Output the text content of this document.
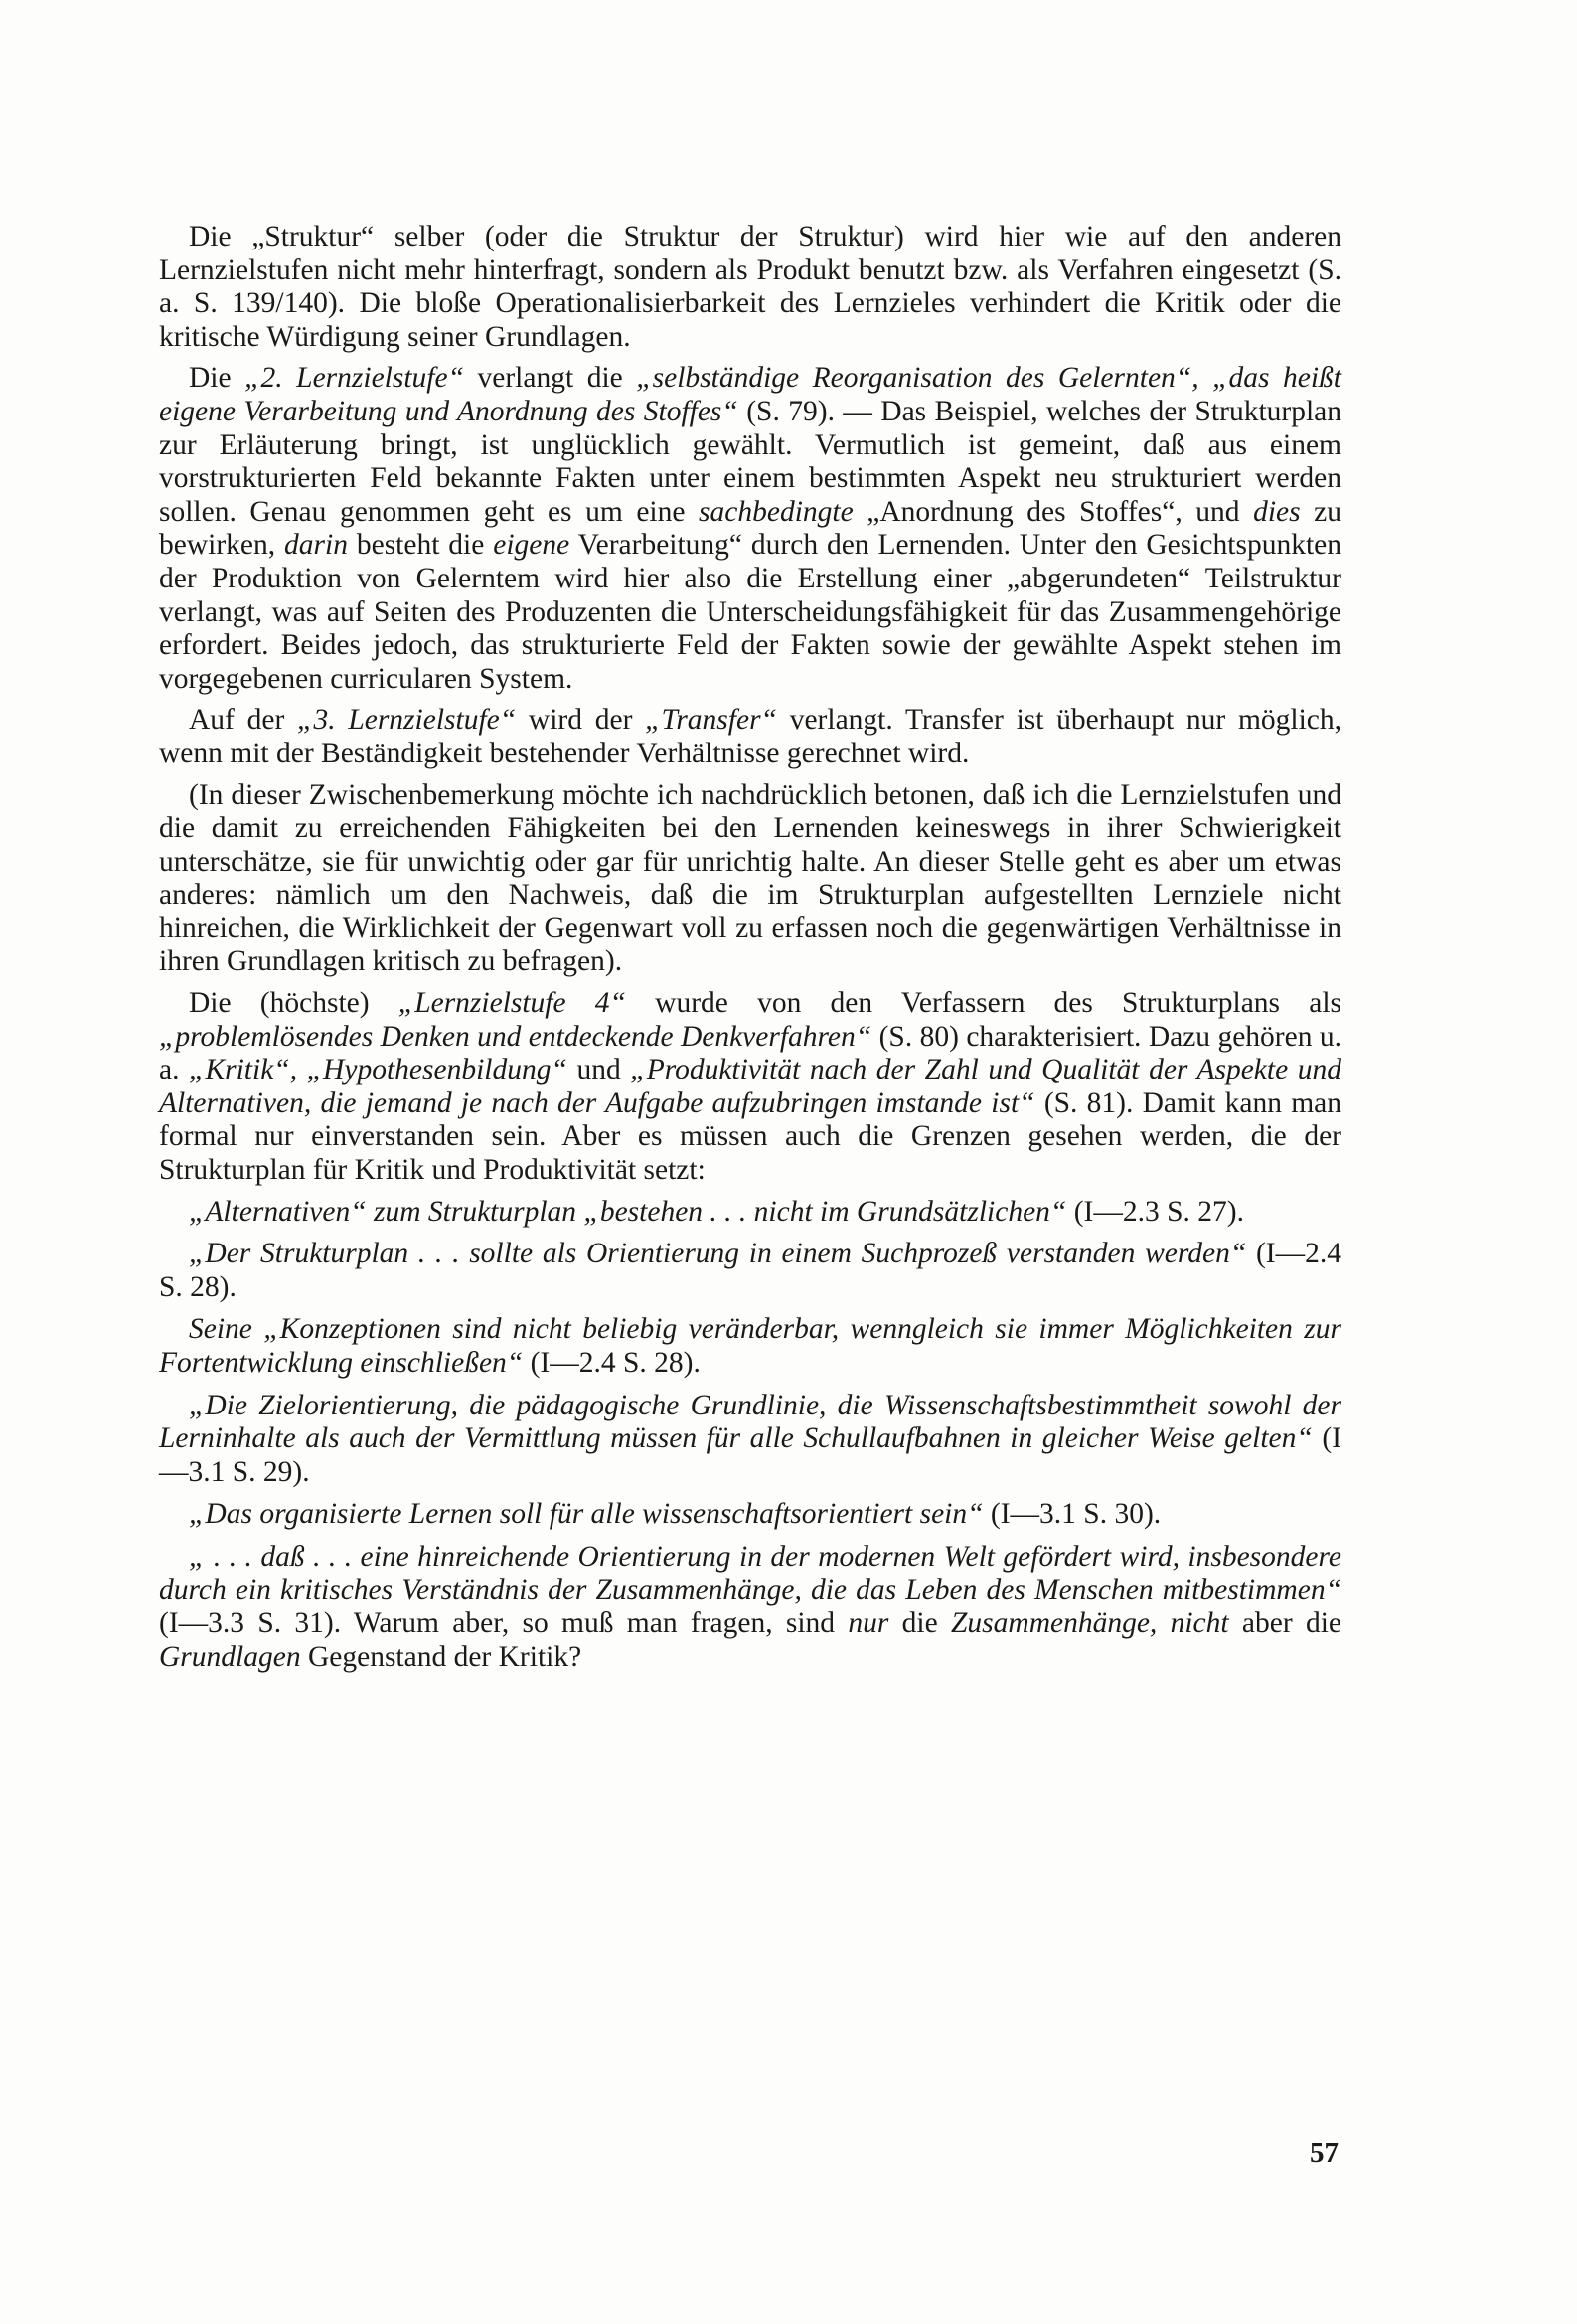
Die „Struktur“ selber (oder die Struktur der Struktur) wird hier wie auf den anderen Lernzielstufen nicht mehr hinterfragt, sondern als Produkt benutzt bzw. als Verfahren eingesetzt (S. a. S. 139/140). Die bloße Operationalisierbarkeit des Lernzieles verhindert die Kritik oder die kritische Würdigung seiner Grundlagen.

Die „2. Lernzielstufe“ verlangt die „selbständige Reorganisation des Gelernten“, „das heißt eigene Verarbeitung und Anordnung des Stoffes“ (S. 79). — Das Beispiel, welches der Strukturplan zur Erläuterung bringt, ist unglücklich gewählt. Vermutlich ist gemeint, daß aus einem vorstrukturierten Feld bekannte Fakten unter einem bestimmten Aspekt neu strukturiert werden sollen. Genau genommen geht es um eine sachbedingte „Anordnung des Stoffes“, und dies zu bewirken, darin besteht die eigene Verarbeitung“ durch den Lernenden. Unter den Gesichtspunkten der Produktion von Gelerntem wird hier also die Erstellung einer „abgerundeten“ Teilstruktur verlangt, was auf Seiten des Produzenten die Unterscheidungsfähigkeit für das Zusammengehörige erfordert. Beides jedoch, das strukturierte Feld der Fakten sowie der gewählte Aspekt stehen im vorgegebenen curricularen System.

Auf der „3. Lernzielstufe“ wird der „Transfer“ verlangt. Transfer ist überhaupt nur möglich, wenn mit der Beständigkeit bestehender Verhältnisse gerechnet wird.

(In dieser Zwischenbemerkung möchte ich nachdrücklich betonen, daß ich die Lernzielstufen und die damit zu erreichenden Fähigkeiten bei den Lernenden keineswegs in ihrer Schwierigkeit unterschätze, sie für unwichtig oder gar für unrichtig halte. An dieser Stelle geht es aber um etwas anderes: nämlich um den Nachweis, daß die im Strukturplan aufgestellten Lernziele nicht hinreichen, die Wirklichkeit der Gegenwart voll zu erfassen noch die gegenwärtigen Verhältnisse in ihren Grundlagen kritisch zu befragen).

Die (höchste) „Lernzielstufe 4“ wurde von den Verfassern des Strukturplans als „problemlösendes Denken und entdeckende Denkverfahren“ (S. 80) charakterisiert. Dazu gehören u. a. „Kritik“, „Hypothesenbildung“ und „Produktivität nach der Zahl und Qualität der Aspekte und Alternativen, die jemand je nach der Aufgabe aufzubringen imstande ist“ (S. 81). Damit kann man formal nur einverstanden sein. Aber es müssen auch die Grenzen gesehen werden, die der Strukturplan für Kritik und Produktivität setzt:

„Alternativen“ zum Strukturplan „bestehen . . . nicht im Grundsätzlichen“ (I—2.3 S. 27).

„Der Strukturplan . . . sollte als Orientierung in einem Suchprozeß verstanden werden“ (I—2.4 S. 28).

Seine „Konzeptionen sind nicht beliebig veränderbar, wenngleich sie immer Möglichkeiten zur Fortentwicklung einschließen“ (I—2.4 S. 28).

„Die Zielorientierung, die pädagogische Grundlinie, die Wissenschaftsbestimmtheit sowohl der Lerninhalte als auch der Vermittlung müssen für alle Schullaufbahnen in gleicher Weise gelten“ (I—3.1 S. 29).

„Das organisierte Lernen soll für alle wissenschaftsorientiert sein“ (I—3.1 S. 30).

„ . . . daß . . . eine hinreichende Orientierung in der modernen Welt gefördert wird, insbesondere durch ein kritisches Verständnis der Zusammenhänge, die das Leben des Menschen mitbestimmen“ (I—3.3 S. 31). Warum aber, so muß man fragen, sind nur die Zusammenhänge, nicht aber die Grundlagen Gegenstand der Kritik?

57
